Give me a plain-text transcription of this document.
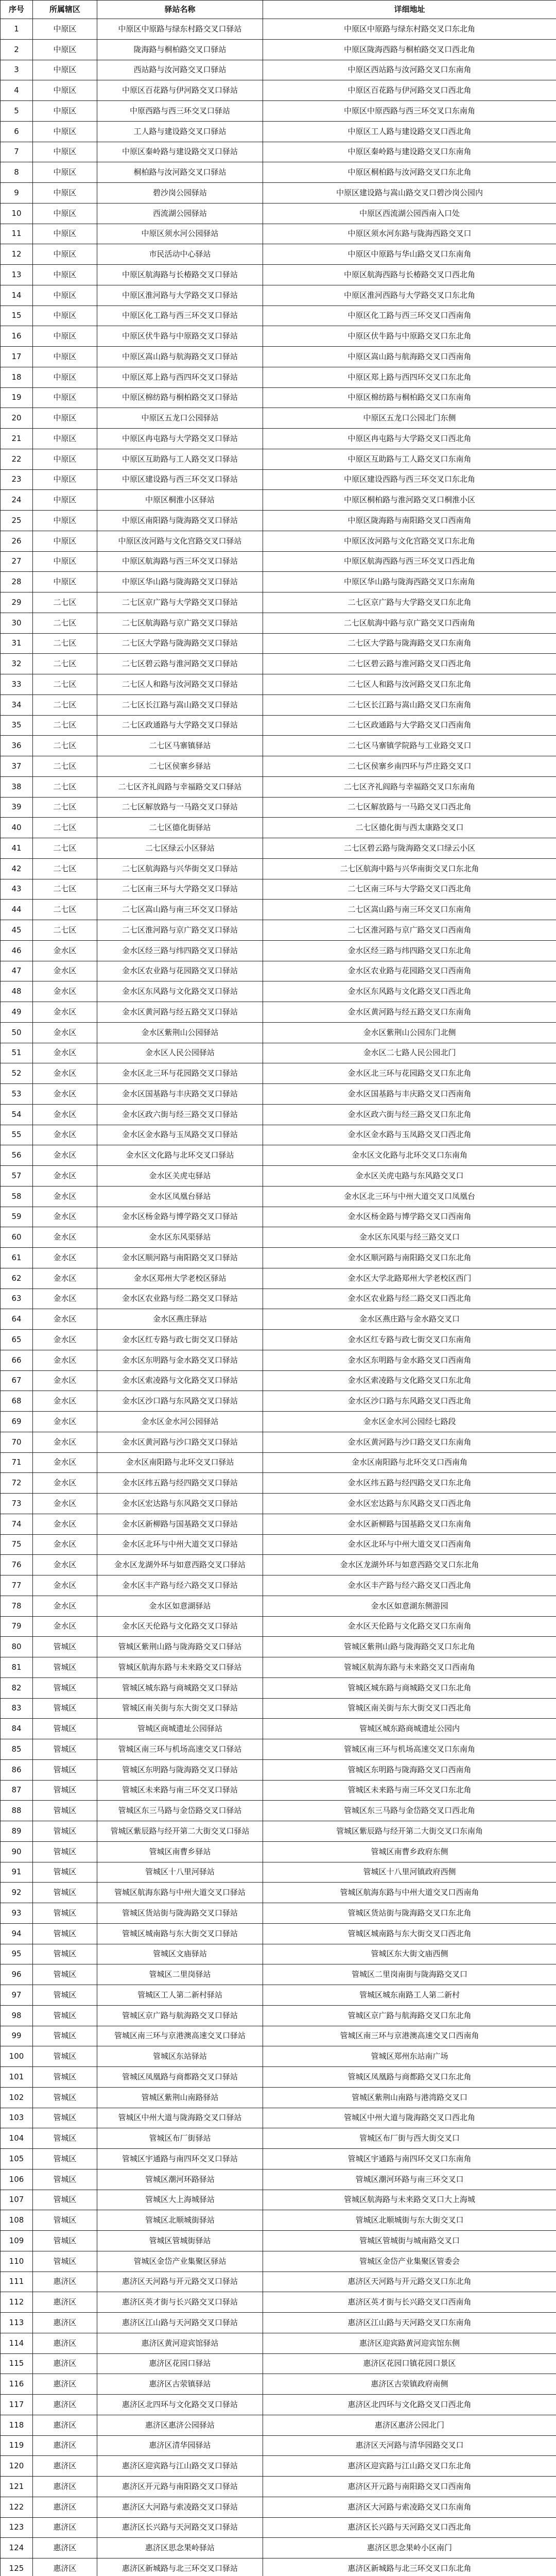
序号	所属辖区	驿站名称	详细地址
1	中原区	中原区中原路与绿东村路交叉口驿站	中原区中原路与绿东村路交叉口东北角
2	中原区	陇海路与桐柏路交叉口驿站	中原区陇海西路与桐柏路交叉口西北角
3	中原区	西站路与汝河路交叉口驿站	中原区西站路与汝河路交叉口东南角
4	中原区	中原区百花路与伊河路交叉口驿站	中原区百花路与伊河路交叉口西北角
5	中原区	中原西路与西三环交叉口驿站	中原区中原西路与西三环交叉口东南角
6	中原区	工人路与建设路交叉口驿站	中原区工人路与建设路交叉口西北角
7	中原区	中原区秦岭路与建设路交叉口驿站	中原区秦岭路与建设路交叉口东南角
8	中原区	桐柏路与汝河路交叉口驿站	中原区桐柏路与汝河路交叉口东北角
9	中原区	碧沙岗公园驿站	中原区建设路与嵩山路交叉口碧沙岗公园内
10	中原区	西流湖公园驿站	中原区西流湖公园西南入口处
11	中原区	中原区须水河公园驿站	中原区须水河东路与陇海西路交叉口
12	中原区	市民活动中心驿站	中原区中原路与华山路交叉口东南角
13	中原区	中原区航海路与长椿路交叉口驿站	中原区航海西路与长椿路交叉口西北角
14	中原区	中原区淮河路与大学路交叉口驿站	中原区淮河西路与大学路交叉口东北角
15	中原区	中原区化工路与西三环交叉口驿站	中原区化工路与西三环交叉口西南角
16	中原区	中原区伏牛路与中原路交叉口驿站	中原区伏牛路与中原路交叉口东北角
17	中原区	中原区嵩山路与航海路交叉口驿站	中原区嵩山路与航海路交叉口西南角
18	中原区	中原区郑上路与西四环交叉口驿站	中原区郑上路与西四环交叉口东北角
19	中原区	中原区棉纺路与桐柏路交叉口驿站	中原区棉纺路与桐柏路交叉口东南角
20	中原区	中原区五龙口公园驿站	中原区五龙口公园北门东侧
21	中原区	中原区冉屯路与大学路交叉口驿站	中原区冉屯路与大学路交叉口西北角
22	中原区	中原区互助路与工人路交叉口驿站	中原区互助路与工人路交叉口东南角
23	中原区	中原区建设路与西三环交叉口驿站	中原区建设西路与西三环交叉口东北角
24	中原区	中原区桐淮小区驿站	中原区桐柏路与淮河路交叉口桐淮小区
25	中原区	中原区南阳路与陇海路交叉口驿站	中原区陇海路与南阳路交叉口西南角
26	中原区	中原区汝河路与文化宫路交叉口驿站	中原区汝河路与文化宫路交叉口东北角
27	中原区	中原区航海路与西三环交叉口驿站	中原区航海西路与西三环交叉口西北角
28	中原区	中原区华山路与陇海路交叉口驿站	中原区华山路与陇海西路交叉口东南角
29	二七区	二七区京广路与大学路交叉口驿站	二七区京广路与大学路交叉口东北角
30	二七区	二七区航海路与京广路交叉口驿站	二七区航海中路与京广路交叉口西南角
31	二七区	二七区大学路与陇海路交叉口驿站	二七区大学路与陇海路交叉口东南角
32	二七区	二七区碧云路与淮河路交叉口驿站	二七区碧云路与淮河路交叉口西北角
33	二七区	二七区人和路与汝河路交叉口驿站	二七区人和路与汝河路交叉口东北角
34	二七区	二七区长江路与嵩山路交叉口驿站	二七区长江路与嵩山路交叉口东南角
35	二七区	二七区政通路与大学路交叉口驿站	二七区政通路与大学路交叉口西南角
36	二七区	二七区马寨镇驿站	二七区马寨镇学院路与工业路交叉口
37	二七区	二七区侯寨乡驿站	二七区侯寨乡南四环与芦庄路交叉口
38	二七区	二七区齐礼阎路与幸福路交叉口驿站	二七区齐礼阎路与幸福路交叉口东南角
39	二七区	二七区解放路与一马路交叉口驿站	二七区解放路与一马路交叉口西北角
40	二七区	二七区德化街驿站	二七区德化街与西太康路交叉口
41	二七区	二七区绿云小区驿站	二七区碧云路与陇海路交叉口绿云小区
42	二七区	二七区航海路与兴华街交叉口驿站	二七区航海中路与兴华南街交叉口东北角
43	二七区	二七区南三环与大学路交叉口驿站	二七区南三环与大学路交叉口西北角
44	二七区	二七区嵩山路与南三环交叉口驿站	二七区嵩山路与南三环交叉口东南角
45	二七区	二七区淮河路与京广路交叉口驿站	二七区淮河路与京广路交叉口西南角
46	金水区	金水区经三路与纬四路交叉口驿站	金水区经三路与纬四路交叉口东北角
47	金水区	金水区农业路与花园路交叉口驿站	金水区农业路与花园路交叉口西南角
48	金水区	金水区东风路与文化路交叉口驿站	金水区东风路与文化路交叉口西北角
49	金水区	金水区黄河路与经五路交叉口驿站	金水区黄河路与经五路交叉口东南角
50	金水区	金水区紫荆山公园驿站	金水区紫荆山公园东门北侧
51	金水区	金水区人民公园驿站	金水区二七路人民公园北门
52	金水区	金水区北三环与花园路交叉口驿站	金水区北三环与花园路交叉口东北角
53	金水区	金水区国基路与丰庆路交叉口驿站	金水区国基路与丰庆路交叉口西南角
54	金水区	金水区政六街与经三路交叉口驿站	金水区政六街与经三路交叉口东北角
55	金水区	金水区金水路与玉凤路交叉口驿站	金水区金水路与玉凤路交叉口西北角
56	金水区	金水区文化路与北环交叉口驿站	金水区文化路与北环交叉口东南角
57	金水区	金水区关虎屯驿站	金水区关虎屯路与东风路交叉口
58	金水区	金水区凤凰台驿站	金水区北三环与中州大道交叉口凤凰台
59	金水区	金水区杨金路与博学路交叉口驿站	金水区杨金路与博学路交叉口西南角
60	金水区	金水区东风渠驿站	金水区东风渠与经三路交叉口
61	金水区	金水区顺河路与南阳路交叉口驿站	金水区顺河路与南阳路交叉口东北角
62	金水区	金水区郑州大学老校区驿站	金水区大学北路郑州大学老校区西门
63	金水区	金水区农业路与经二路交叉口驿站	金水区农业路与经二路交叉口西北角
64	金水区	金水区燕庄驿站	金水区燕庄路与金水路交叉口
65	金水区	金水区红专路与政七街交叉口驿站	金水区红专路与政七街交叉口东南角
66	金水区	金水区东明路与金水路交叉口驿站	金水区东明路与金水路交叉口西南角
67	金水区	金水区索凌路与文化路交叉口驿站	金水区索凌路与文化路交叉口东北角
68	金水区	金水区沙口路与东风路交叉口驿站	金水区沙口路与东风路交叉口西北角
69	金水区	金水区金水河公园驿站	金水区金水河公园经七路段
70	金水区	金水区黄河路与沙口路交叉口驿站	金水区黄河路与沙口路交叉口东南角
71	金水区	金水区南阳路与北环交叉口驿站	金水区南阳路与北环交叉口西南角
72	金水区	金水区纬五路与经四路交叉口驿站	金水区纬五路与经四路交叉口东北角
73	金水区	金水区宏达路与东风路交叉口驿站	金水区宏达路与东风路交叉口西北角
74	金水区	金水区新柳路与国基路交叉口驿站	金水区新柳路与国基路交叉口东南角
75	金水区	金水区北环与中州大道交叉口驿站	金水区北环与中州大道交叉口西南角
76	金水区	金水区龙湖外环与如意西路交叉口驿站	金水区龙湖外环与如意西路交叉口东北角
77	金水区	金水区丰产路与经六路交叉口驿站	金水区丰产路与经六路交叉口西北角
78	金水区	金水区如意湖驿站	金水区如意湖东侧游园
79	金水区	金水区天伦路与文化路交叉口驿站	金水区天伦路与文化路交叉口东南角
80	管城区	管城区紫荆山路与陇海路交叉口驿站	管城区紫荆山路与陇海路交叉口东北角
81	管城区	管城区航海东路与未来路交叉口驿站	管城区航海东路与未来路交叉口西南角
82	管城区	管城区城东路与商城路交叉口驿站	管城区城东路与商城路交叉口东北角
83	管城区	管城区南关街与东大街交叉口驿站	管城区南关街与东大街交叉口西北角
84	管城区	管城区商城遗址公园驿站	管城区城东路商城遗址公园内
85	管城区	管城区南三环与机场高速交叉口驿站	管城区南三环与机场高速交叉口东南角
86	管城区	管城区东明路与陇海路交叉口驿站	管城区东明路与陇海路交叉口西南角
87	管城区	管城区未来路与南三环交叉口驿站	管城区未来路与南三环交叉口东北角
88	管城区	管城区东三马路与金岱路交叉口驿站	管城区东三马路与金岱路交叉口西北角
89	管城区	管城区紫辰路与经开第二大街交叉口驿站	管城区紫辰路与经开第二大街交叉口东南角
90	管城区	管城区南曹乡驿站	管城区南曹乡政府东侧
91	管城区	管城区十八里河驿站	管城区十八里河镇政府西侧
92	管城区	管城区航海东路与中州大道交叉口驿站	管城区航海东路与中州大道交叉口西南角
93	管城区	管城区货站街与陇海路交叉口驿站	管城区货站街与陇海路交叉口东北角
94	管城区	管城区城南路与东大街交叉口驿站	管城区城南路与东大街交叉口西北角
95	管城区	管城区文庙驿站	管城区东大街文庙西侧
96	管城区	管城区二里岗驿站	管城区二里岗南街与陇海路交叉口
97	管城区	管城区工人第二新村驿站	管城区城东南路工人第二新村
98	管城区	管城区京广路与航海路交叉口驿站	管城区京广路与航海路交叉口东北角
99	管城区	管城区南三环与京港澳高速交叉口驿站	管城区南三环与京港澳高速交叉口西南角
100	管城区	管城区东站驿站	管城区郑州东站南广场
101	管城区	管城区凤凰路与商都路交叉口驿站	管城区凤凰路与商都路交叉口东北角
102	管城区	管城区紫荆山南路驿站	管城区紫荆山南路与港湾路交叉口
103	管城区	管城区中州大道与陇海路交叉口驿站	管城区中州大道与陇海路交叉口西北角
104	管城区	管城区布厂街驿站	管城区布厂街与西大街交叉口
105	管城区	管城区宇通路与南四环交叉口驿站	管城区宇通路与南四环交叉口东南角
106	管城区	管城区潮河环路驿站	管城区潮河环路与南三环交叉口
107	管城区	管城区大上海城驿站	管城区航海路与未来路交叉口大上海城
108	管城区	管城区北顺城街驿站	管城区北顺城街与东大街交叉口
109	管城区	管城区管城街驿站	管城区管城街与城南路交叉口
110	管城区	管城区金岱产业集聚区驿站	管城区金岱产业集聚区管委会
111	惠济区	惠济区天河路与开元路交叉口驿站	惠济区天河路与开元路交叉口东北角
112	惠济区	惠济区英才街与长兴路交叉口驿站	惠济区英才街与长兴路交叉口西南角
113	惠济区	惠济区江山路与天河路交叉口驿站	惠济区江山路与天河路交叉口东南角
114	惠济区	惠济区黄河迎宾馆驿站	惠济区迎宾路黄河迎宾馆东侧
115	惠济区	惠济区花园口驿站	惠济区花园口镇花园口景区
116	惠济区	惠济区古荥镇驿站	惠济区古荥镇政府南侧
117	惠济区	惠济区北四环与文化路交叉口驿站	惠济区北四环与文化路交叉口西北角
118	惠济区	惠济区惠济公园驿站	惠济区惠济公园北门
119	惠济区	惠济区清华园驿站	惠济区天河路与清华园路交叉口
120	惠济区	惠济区迎宾路与江山路交叉口驿站	惠济区迎宾路与江山路交叉口东北角
121	惠济区	惠济区开元路与南阳路交叉口驿站	惠济区开元路与南阳路交叉口西南角
122	惠济区	惠济区大河路与索凌路交叉口驿站	惠济区大河路与索凌路交叉口东南角
123	惠济区	惠济区长兴路与天河路交叉口驿站	惠济区长兴路与天河路交叉口西北角
124	惠济区	惠济区思念果岭驿站	惠济区思念果岭小区南门
125	惠济区	惠济区新城路与北三环交叉口驿站	惠济区新城路与北三环交叉口东北角
